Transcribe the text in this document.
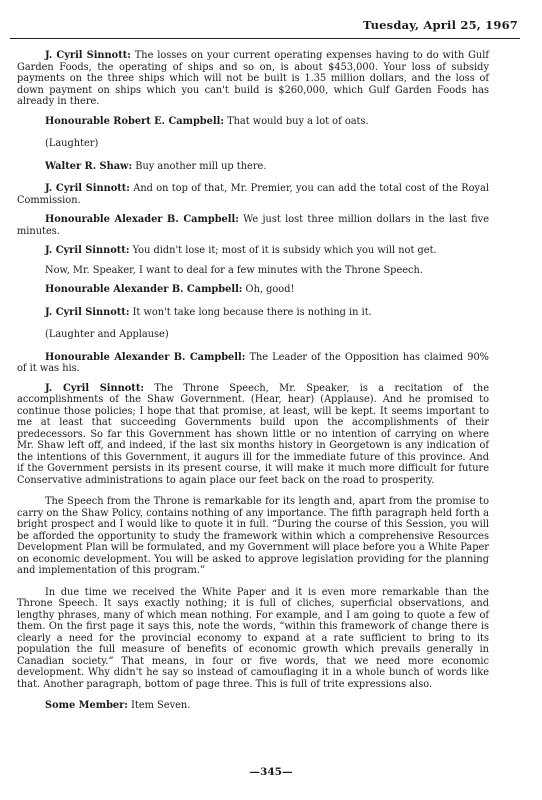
Tuesday, April 25, 1967

J. Cyril Sinnott: The losses on your current operating expenses having to do with Gulf Garden Foods, the operating of ships and so on, is about $453,000. Your loss of subsidy payments on the three ships which will not be built is 1.35 million dollars, and the loss of down payment on ships which you can't build is $260,000, which Gulf Garden Foods has already in there.

Honourable Robert E. Campbell: That would buy a lot of oats.

(Laughter)

Walter R. Shaw: Buy another mill up there.

J. Cyril Sinnott: And on top of that, Mr. Premier, you can add the total cost of the Royal Commission.

Honourable Alexader B. Campbell: We just lost three million dollars in the last five minutes.

J. Cyril Sinnott: You didn't lose it; most of it is subsidy which you will not get.

Now, Mr. Speaker, I want to deal for a few minutes with the Throne Speech.

Honourable Alexander B. Campbell: Oh, good!

J. Cyril Sinnott: It won't take long because there is nothing in it.

(Laughter and Applause)

Honourable Alexander B. Campbell: The Leader of the Opposition has claimed 90% of it was his.

J. Cyril Sinnott: The Throne Speech, Mr. Speaker, is a recitation of the accomplishments of the Shaw Government. (Hear, hear) (Applause). And he promised to continue those policies; I hope that that promise, at least, will be kept. It seems important to me at least that succeeding Governments build upon the accomplishments of their predecessors. So far this Government has shown little or no intention of carrying on where Mr. Shaw left off, and indeed, if the last six months history in Georgetown is any indication of the intentions of this Government, it augurs ill for the immediate future of this province. And if the Government persists in its present course, it will make it much more difficult for future Conservative administrations to again place our feet back on the road to prosperity.

The Speech from the Throne is remarkable for its length and, apart from the promise to carry on the Shaw Policy, contains nothing of any importance. The fifth paragraph held forth a bright prospect and I would like to quote it in full. “During the course of this Session, you will be afforded the opportunity to study the framework within which a comprehensive Resources Development Plan will be formulated, and my Government will place before you a White Paper on economic development. You will be asked to approve legislation providing for the planning and implementation of this program.”

In due time we received the White Paper and it is even more remarkable than the Throne Speech. It says exactly nothing; it is full of cliches, superficial observations, and lengthy phrases, many of which mean nothing. For example, and I am going to quote a few of them. On the first page it says this, note the words, “within this framework of change there is clearly a need for the provincial economy to expand at a rate sufficient to bring to its population the full measure of benefits of economic growth which prevails generally in Canadian society.” That means, in four or five words, that we need more economic development. Why didn't he say so instead of camouflaging it in a whole bunch of words like that. Another paragraph, bottom of page three. This is full of trite expressions also.

Some Member: Item Seven.

—345—
